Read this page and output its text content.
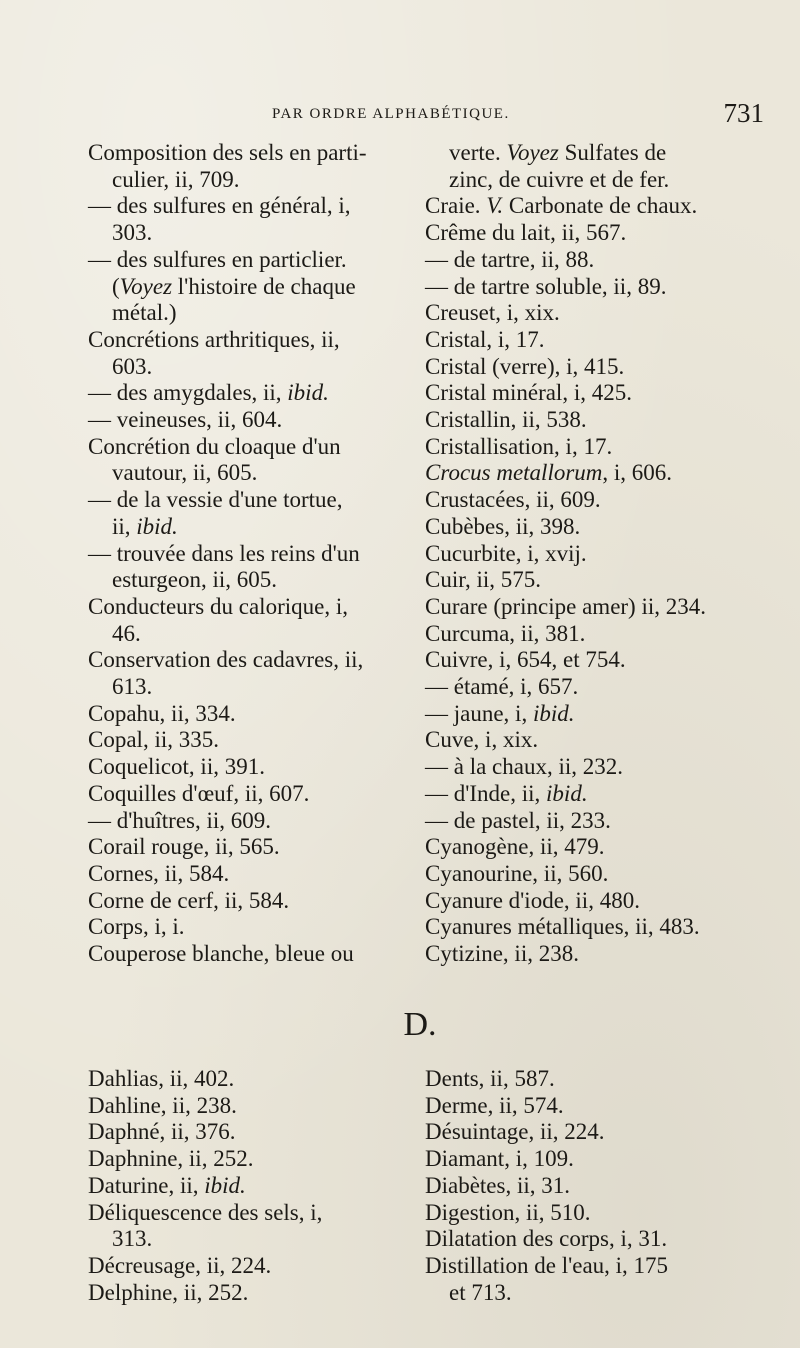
PAR ORDRE ALPHABÉTIQUE.	731

Composition des sels en parti-

culier, ii, 709.

— des sulfures en général, i,

303.

— des sulfures en particlier.

(Voyez l'histoire de chaque

métal.)

Concrétions arthritiques, ii,

603.

— des amygdales, ii, ibid.

— veineuses, ii, 604.

Concrétion du cloaque d'un

vautour, ii, 605.

— de la vessie d'une tortue,

ii, ibid.

— trouvée dans les reins d'un

esturgeon, ii, 605.

Conducteurs du calorique, i,

46.

Conservation des cadavres, ii,

613.

Copahu, ii, 334.

Copal, ii, 335.

Coquelicot, ii, 391.

Coquilles d'œuf, ii, 607.

— d'huîtres, ii, 609.

Corail rouge, ii, 565.

Cornes, ii, 584.

Corne de cerf, ii, 584.

Corps, i, i.

Couperose blanche, bleue ou

verte. Voyez Sulfates de

zinc, de cuivre et de fer.

Craie. V. Carbonate de chaux.

Crême du lait, ii, 567.

— de tartre, ii, 88.

— de tartre soluble, ii, 89.

Creuset, i, xix.

Cristal, i, 17.

Cristal (verre), i, 415.

Cristal minéral, i, 425.

Cristallin, ii, 538.

Cristallisation, i, 17.

Crocus metallorum, i, 606.

Crustacées, ii, 609.

Cubèbes, ii, 398.

Cucurbite, i, xvij.

Cuir, ii, 575.

Curare (principe amer) ii, 234.

Curcuma, ii, 381.

Cuivre, i, 654, et 754.

— étamé, i, 657.

— jaune, i, ibid.

Cuve, i, xix.

— à la chaux, ii, 232.

— d'Inde, ii, ibid.

— de pastel, ii, 233.

Cyanogène, ii, 479.

Cyanourine, ii, 560.

Cyanure d'iode, ii, 480.

Cyanures métalliques, ii, 483.

Cytizine, ii, 238.

D.

Dahlias, ii, 402.

Dahline, ii, 238.

Daphné, ii, 376.

Daphnine, ii, 252.

Daturine, ii, ibid.

Déliquescence des sels, i,

313.

Décreusage, ii, 224.

Delphine, ii, 252.

Dents, ii, 587.

Derme, ii, 574.

Désuintage, ii, 224.

Diamant, i, 109.

Diabètes, ii, 31.

Digestion, ii, 510.

Dilatation des corps, i, 31.

Distillation de l'eau, i, 175

et 713.
